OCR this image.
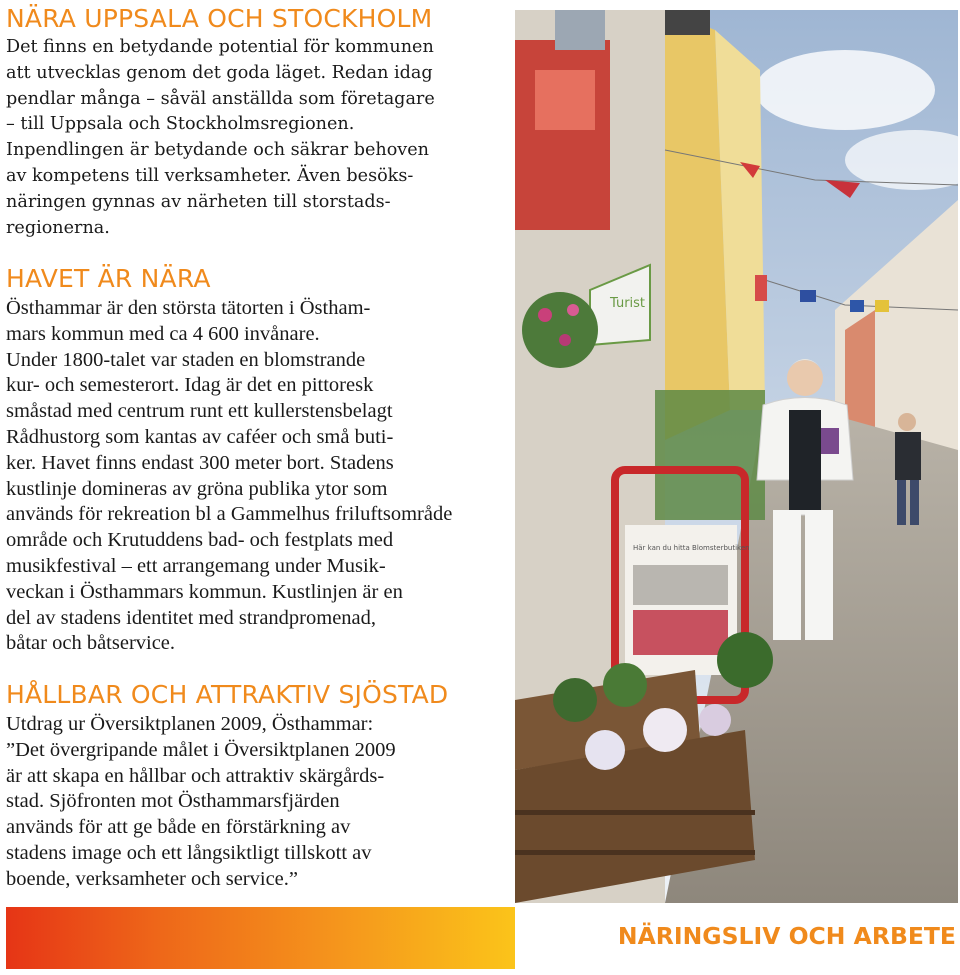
NÄRA UPPSALA OCH STOCKHOLM
Det finns en betydande potential för kommunen
att utvecklas genom det goda läget. Redan idag
pendlar många – såväl anställda som företagare
– till Uppsala och Stockholmsregionen.
Inpendlingen är betydande och säkrar behoven
av kompetens till verksamheter. Även besöks-
näringen gynnas av närheten till storstads-
regionerna.
HAVET ÄR NÄRA
Östhammar är den största tätorten i Östham-
mars kommun med ca 4 600 invånare.
Under 1800-talet var staden en blomstrande
kur- och semesterort. Idag är det en pittoresk
småstad med centrum runt ett kullerstensbelagt
Rådhustorg som kantas av caféer och små buti-
ker. Havet finns endast 300 meter bort. Stadens
kustlinje domineras av gröna publika ytor som
används för rekreation bl a Gammelhus friluftsområde
område och Krutuddens bad- och festplats med
musikfestival – ett arrangemang under Musik-
veckan i Östhammars kommun. Kustlinjen är en
del av stadens identitet med strandpromenad,
båtar och båtservice.
HÅLLBAR OCH ATTRAKTIV SJÖSTAD
Utdrag ur Översiktplanen 2009, Östhammar:
”Det övergripande målet i Översiktplanen 2009
är att skapa en hållbar och attraktiv skärgårds-
stad. Sjöfronten mot Östhammarsfjärden
används för att ge både en förstärkning av
stadens image och ett långsiktligt tillskott av
boende, verksamheter och service.”
Turist
Här kan du hitta Blomsterbutiken
NÄRINGSLIV OCH ARBETE
